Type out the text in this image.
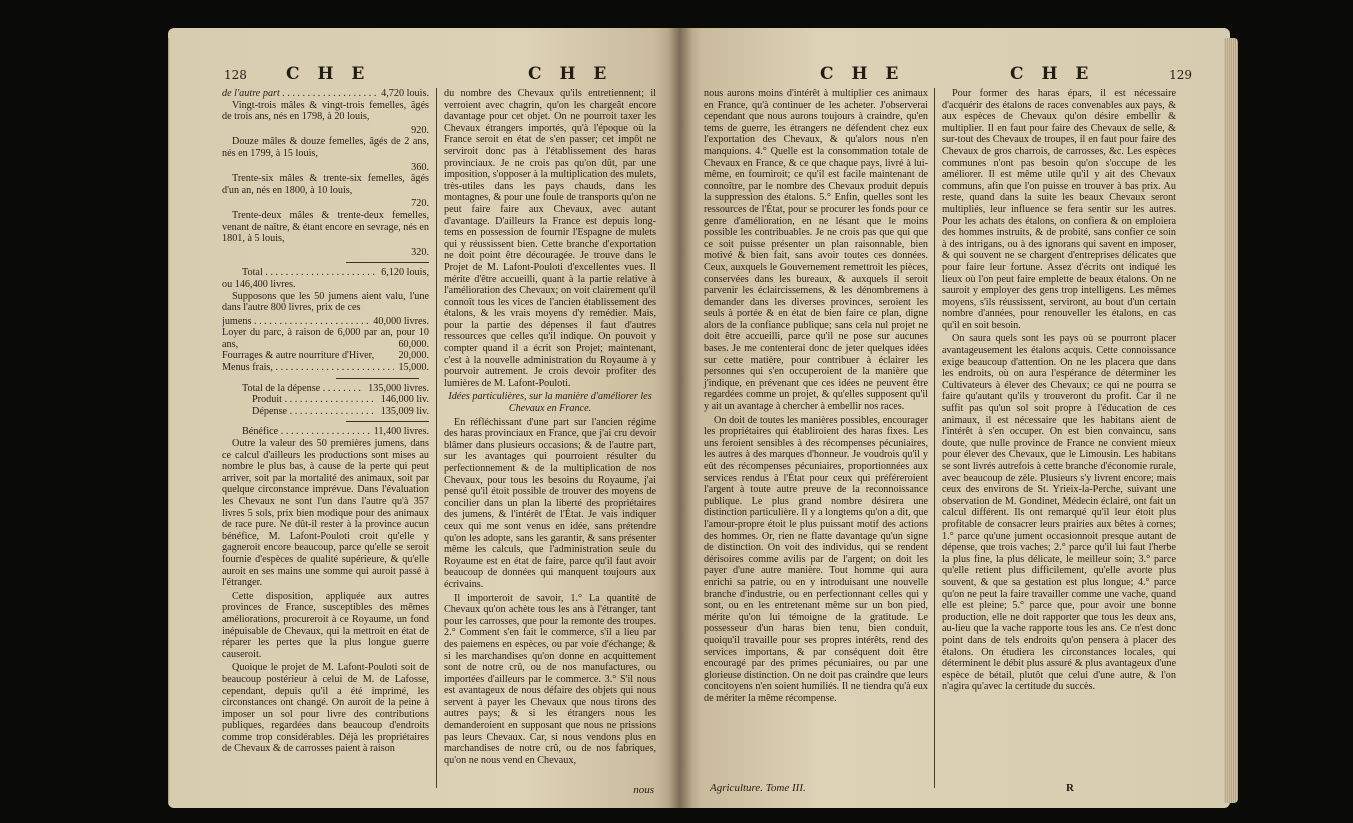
128 C H E	C H E
de l'autre part . . .	4,720 louis.

Vingt-trois mâles & vingt-trois femelles, âgés de trois ans, nés en 1798, à 20 louis,

920.

Douze mâles & douze femelles, âgés de 2 ans, nés en 1799, à 15 louis,

360.

Trente-six mâles & trente-six femelles, âgés d'un an, nés en 1800, à 10 louis,

720.

Trente-deux mâles & trente-deux femelles, venant de naître, & étant encore en sevrage, nés en 1801, à 5 louis,

320.
Total . . .	6,120 louis,
ou 146,400 livres.

Supposons que les 50 jumens aient valu, l'une dans l'autre 800 livres, prix de ces

jumens . . .	40,000 livres.
Loyer du parc, à raison de 6,000 par an, pour 10 ans,	60,000.
Fourrages & autre nourriture d'Hiver, 20,000.
Menus frais, . . .	15,000.
Total de la dépense . . .	135,000 livres.
Produit . . .	146,000 liv.
Dépense . . .	135,009 liv.
Bénéfice . . .	11,400 livres.

Outre la valeur des 50 premières jumens, dans ce calcul d'ailleurs les productions sont mises au nombre le plus bas, à cause de la perte qui peut arriver, soit par la mortalité des animaux, soit par quelque circonstance imprévue. Dans l'évaluation les Chevaux ne sont l'un dans l'autre qu'à 357 livres 5 sols, prix bien modique pour des animaux de race pure. Ne dût-il rester à la province aucun bénéfice, M. Lafont-Pouloti croit qu'elle y gagneroit encore beaucoup, parce qu'elle se seroit fournie d'espèces de qualité supérieure, & qu'elle auroit en ses mains une somme qui auroit passé à l'étranger.

Cette disposition, appliquée aux autres provinces de France, susceptibles des mêmes améliorations, procureroit à ce Royaume, un fond inépuisable de Chevaux, qui la mettroit en état de réparer les pertes que la plus longue guerre causeroit.

Quoique le projet de M. Lafont-Pouloti soit de beaucoup postérieur à celui de M. de Lafosse, cependant, depuis qu'il a été imprimé, les circonstances ont changé. On auroit de la peine à imposer un sol pour livre des contributions publiques, regardées dans beaucoup d'endroits comme trop considérables. Déjà les propriétaires de Chevaux & de carrosses paient à raison

du nombre des Chevaux qu'ils entretiennent; il verroient avec chagrin, qu'on les chargeât encore davantage pour cet objet. On ne pourroit taxer les Chevaux étrangers importés, qu'à l'époque où la France seroit en état de s'en passer; cet impôt ne serviroit donc pas à l'établissement des haras provinciaux. Je ne crois pas qu'on dût, par une imposition, s'opposer à la multiplication des mulets, très-utiles dans les pays chauds, dans les montagnes, & pour une foule de transports qu'on ne peut faire faire aux Chevaux, avec autant d'avantage. D'ailleurs la France est depuis long-tems en possession de fournir l'Espagne de mulets qui y réussissent bien. Cette branche d'exportation ne doit point être découragée. Je trouve dans le Projet de M. Lafont-Pouloti d'excellentes vues. Il mérite d'être accueilli, quant à la partie relative à l'amélioration des Chevaux; on voit clairement qu'il connoît tous les vices de l'ancien établissement des étalons, & les vrais moyens d'y remédier. Mais, pour la partie des dépenses il faut d'autres ressources que celles qu'il indique. On pouvoit y compter quand il a écrit son Projet; maintenant, c'est à la nouvelle administration du Royaume à y pourvoir autrement. Je crois devoir profiter des lumières de M. Lafont-Pouloti.

Idées particulières, sur la manière d'améliorer les Chevaux en France.

En réfléchissant d'une part sur l'ancien régime des haras provinciaux en France, que j'ai cru devoir blâmer dans plusieurs occasions; & de l'autre part, sur les avantages qui pourroient résulter du perfectionnement & de la multiplication de nos Chevaux, pour tous les besoins du Royaume, j'ai pensé qu'il étoit possible de trouver des moyens de concilier dans un plan la liberté des propriétaires des jumens, & l'intérêt de l'État. Je vais indiquer ceux qui me sont venus en idée, sans prétendre qu'on les adopte, sans les garantir, & sans présenter même les calculs, que l'administration seule du Royaume est en état de faire, parce qu'il faut avoir beaucoup de données qui manquent toujours aux écrivains.

Il importeroit de savoir, 1.° La quantité de Chevaux qu'on achète tous les ans à l'étranger, tant pour les carrosses, que pour la remonte des troupes. 2.° Comment s'en fait le commerce, s'il a lieu par des paiemens en espèces, ou par voie d'échange; & si les marchandises qu'on donne en acquittement sont de notre crû, ou de nos manufactures, ou importées d'ailleurs par le commerce. 3.° S'il nous est avantageux de nous défaire des objets qui nous servent à payer les Chevaux que nous tirons des autres pays; & si les étrangers nous les demanderoient en supposant que nous ne prissions pas leurs Chevaux. Car, si nous vendons plus en marchandises de notre crû, ou de nos fabriques, qu'on ne nous vend en Chevaux,

nous
C H E	C H E	129

nous aurons moins d'intérêt à multiplier ces animaux en France, qu'à continuer de les acheter. J'observerai cependant que nous aurons toujours à craindre, qu'en tems de guerre, les étrangers ne défendent chez eux l'exportation des Chevaux, & qu'alors nous n'en manquions. 4.° Quelle est la consommation totale de Chevaux en France, & ce que chaque pays, livré à lui-même, en fourniroit; ce qu'il est facile maintenant de connoître, par le nombre des Chevaux produit depuis la suppression des étalons. 5.° Enfin, quelles sont les ressources de l'État, pour se procurer les fonds pour ce genre d'amélioration, en ne lésant que le moins possible les contribuables. Je ne crois pas que qui que ce soit puisse présenter un plan raisonnable, bien motivé & bien fait, sans avoir toutes ces données. Ceux, auxquels le Gouvernement remettroit les pièces, conservées dans les bureaux, & auxquels il seroit parvenir les éclaircissemens, & les dénombremens à demander dans les diverses provinces, seroient les seuls à portée & en état de bien faire ce plan, digne alors de la confiance publique; sans cela nul projet ne doit être accueilli, parce qu'il ne pose sur aucunes bases. Je me contenterai donc de jeter quelques idées sur cette matière, pour contribuer à éclairer les personnes qui s'en occuperoient de la manière que j'indique, en prévenant que ces idées ne peuvent être regardées comme un projet, & qu'elles supposent qu'il y ait un avantage à chercher à embellir nos races.

On doit de toutes les manières possibles, encourager les propriétaires qui établiroient des haras fixes. Les uns feroient sensibles à des récompenses pécuniaires, les autres à des marques d'honneur. Je voudrois qu'il y eût des récompenses pécuniaires, proportionnées aux services rendus à l'État pour ceux qui préféreroient l'argent à toute autre preuve de la reconnoissance publique. Le plus grand nombre désirera une distinction particulière. Il y a longtems qu'on a dit, que l'amour-propre étoit le plus puissant motif des actions des hommes. Or, rien ne flatte davantage qu'un signe de distinction. On voit des individus, qui se rendent dérisoires comme avilis par de l'argent; on doit les payer d'une autre manière. Tout homme qui aura enrichi sa patrie, ou en y introduisant une nouvelle branche d'industrie, ou en perfectionnant celles qui y sont, ou en les entretenant même sur un bon pied, mérite qu'on lui témoigne de la gratitude. Le possesseur d'un haras bien tenu, bien conduit, quoiqu'il travaille pour ses propres intérêts, rend des services importans, & par conséquent doit être encouragé par des primes pécuniaires, ou par une glorieuse distinction. On ne doit pas craindre que leurs concitoyens n'en soient humiliés. Il ne tiendra qu'à eux de mériter la même récompense.

Agriculture. Tome III.

Pour former des haras épars, il est nécessaire d'acquérir des étalons de races convenables aux pays, & aux espèces de Chevaux qu'on désire embellir & multiplier. Il en faut pour faire des Chevaux de selle, & sur-tout des Chevaux de troupes, il en faut pour faire des Chevaux de gros charrois, de carrosses, &c. Les espèces communes n'ont pas besoin qu'on s'occupe de les améliorer. Il est même utile qu'il y ait des Chevaux communs, afin que l'on puisse en trouver à bas prix. Au reste, quand dans la suite les beaux Chevaux seront multipliés, leur influence se fera sentir sur les autres. Pour les achats des étalons, on confiera & on emploiera des hommes instruits, & de probité, sans confier ce soin à des intrigans, ou à des ignorans qui savent en imposer, & qui souvent ne se chargent d'entreprises délicates que pour faire leur fortune. Assez d'écrits ont indiqué les lieux où l'on peut faire emplette de beaux étalons. On ne sauroit y employer des gens trop intelligens. Les mêmes moyens, s'ils réussissent, serviront, au bout d'un certain nombre d'années, pour renouveller les étalons, en cas qu'il en soit besoin.

On saura quels sont les pays où se pourront placer avantageusement les étalons acquis. Cette connoissance exige beaucoup d'attention. On ne les placera que dans les endroits, où on aura l'espérance de déterminer les Cultivateurs à élever des Chevaux; ce qui ne pourra se faire qu'autant qu'ils y trouveront du profit. Car il ne suffit pas qu'un sol soit propre à l'éducation de ces animaux, il est nécessaire que les habitans aient de l'intérêt à s'en occuper. On est bien convaincu, sans doute, que nulle province de France ne convient mieux pour élever des Chevaux, que le Limousin. Les habitans se sont livrés autrefois à cette branche d'économie rurale, avec beaucoup de zèle. Plusieurs s'y livrent encore; mais ceux des environs de St. Yrieix-la-Perche, suivant une observation de M. Gondinet, Médecin éclairé, ont fait un calcul différent. Ils ont remarqué qu'il leur étoit plus profitable de consacrer leurs prairies aux bêtes à cornes; 1.° parce qu'une jument occasionnoit presque autant de dépense, que trois vaches; 2.° parce qu'il lui faut l'herbe la plus fine, la plus délicate, le meilleur soin; 3.° parce qu'elle retient plus difficilement, qu'elle avorte plus souvent, & que sa gestation est plus longue; 4.° parce qu'on ne peut la faire travailler comme une vache, quand elle est pleine; 5.° parce que, pour avoir une bonne production, elle ne doit rapporter que tous les deux ans, au-lieu que la vache rapporte tous les ans. Ce n'est donc point dans de tels endroits qu'on pensera à placer des étalons. On étudiera les circonstances locales, qui déterminent le débit plus assuré & plus avantageux d'une espèce de bétail, plutôt que celui d'une autre, & l'on n'agira qu'avec la certitude du succès.

R
